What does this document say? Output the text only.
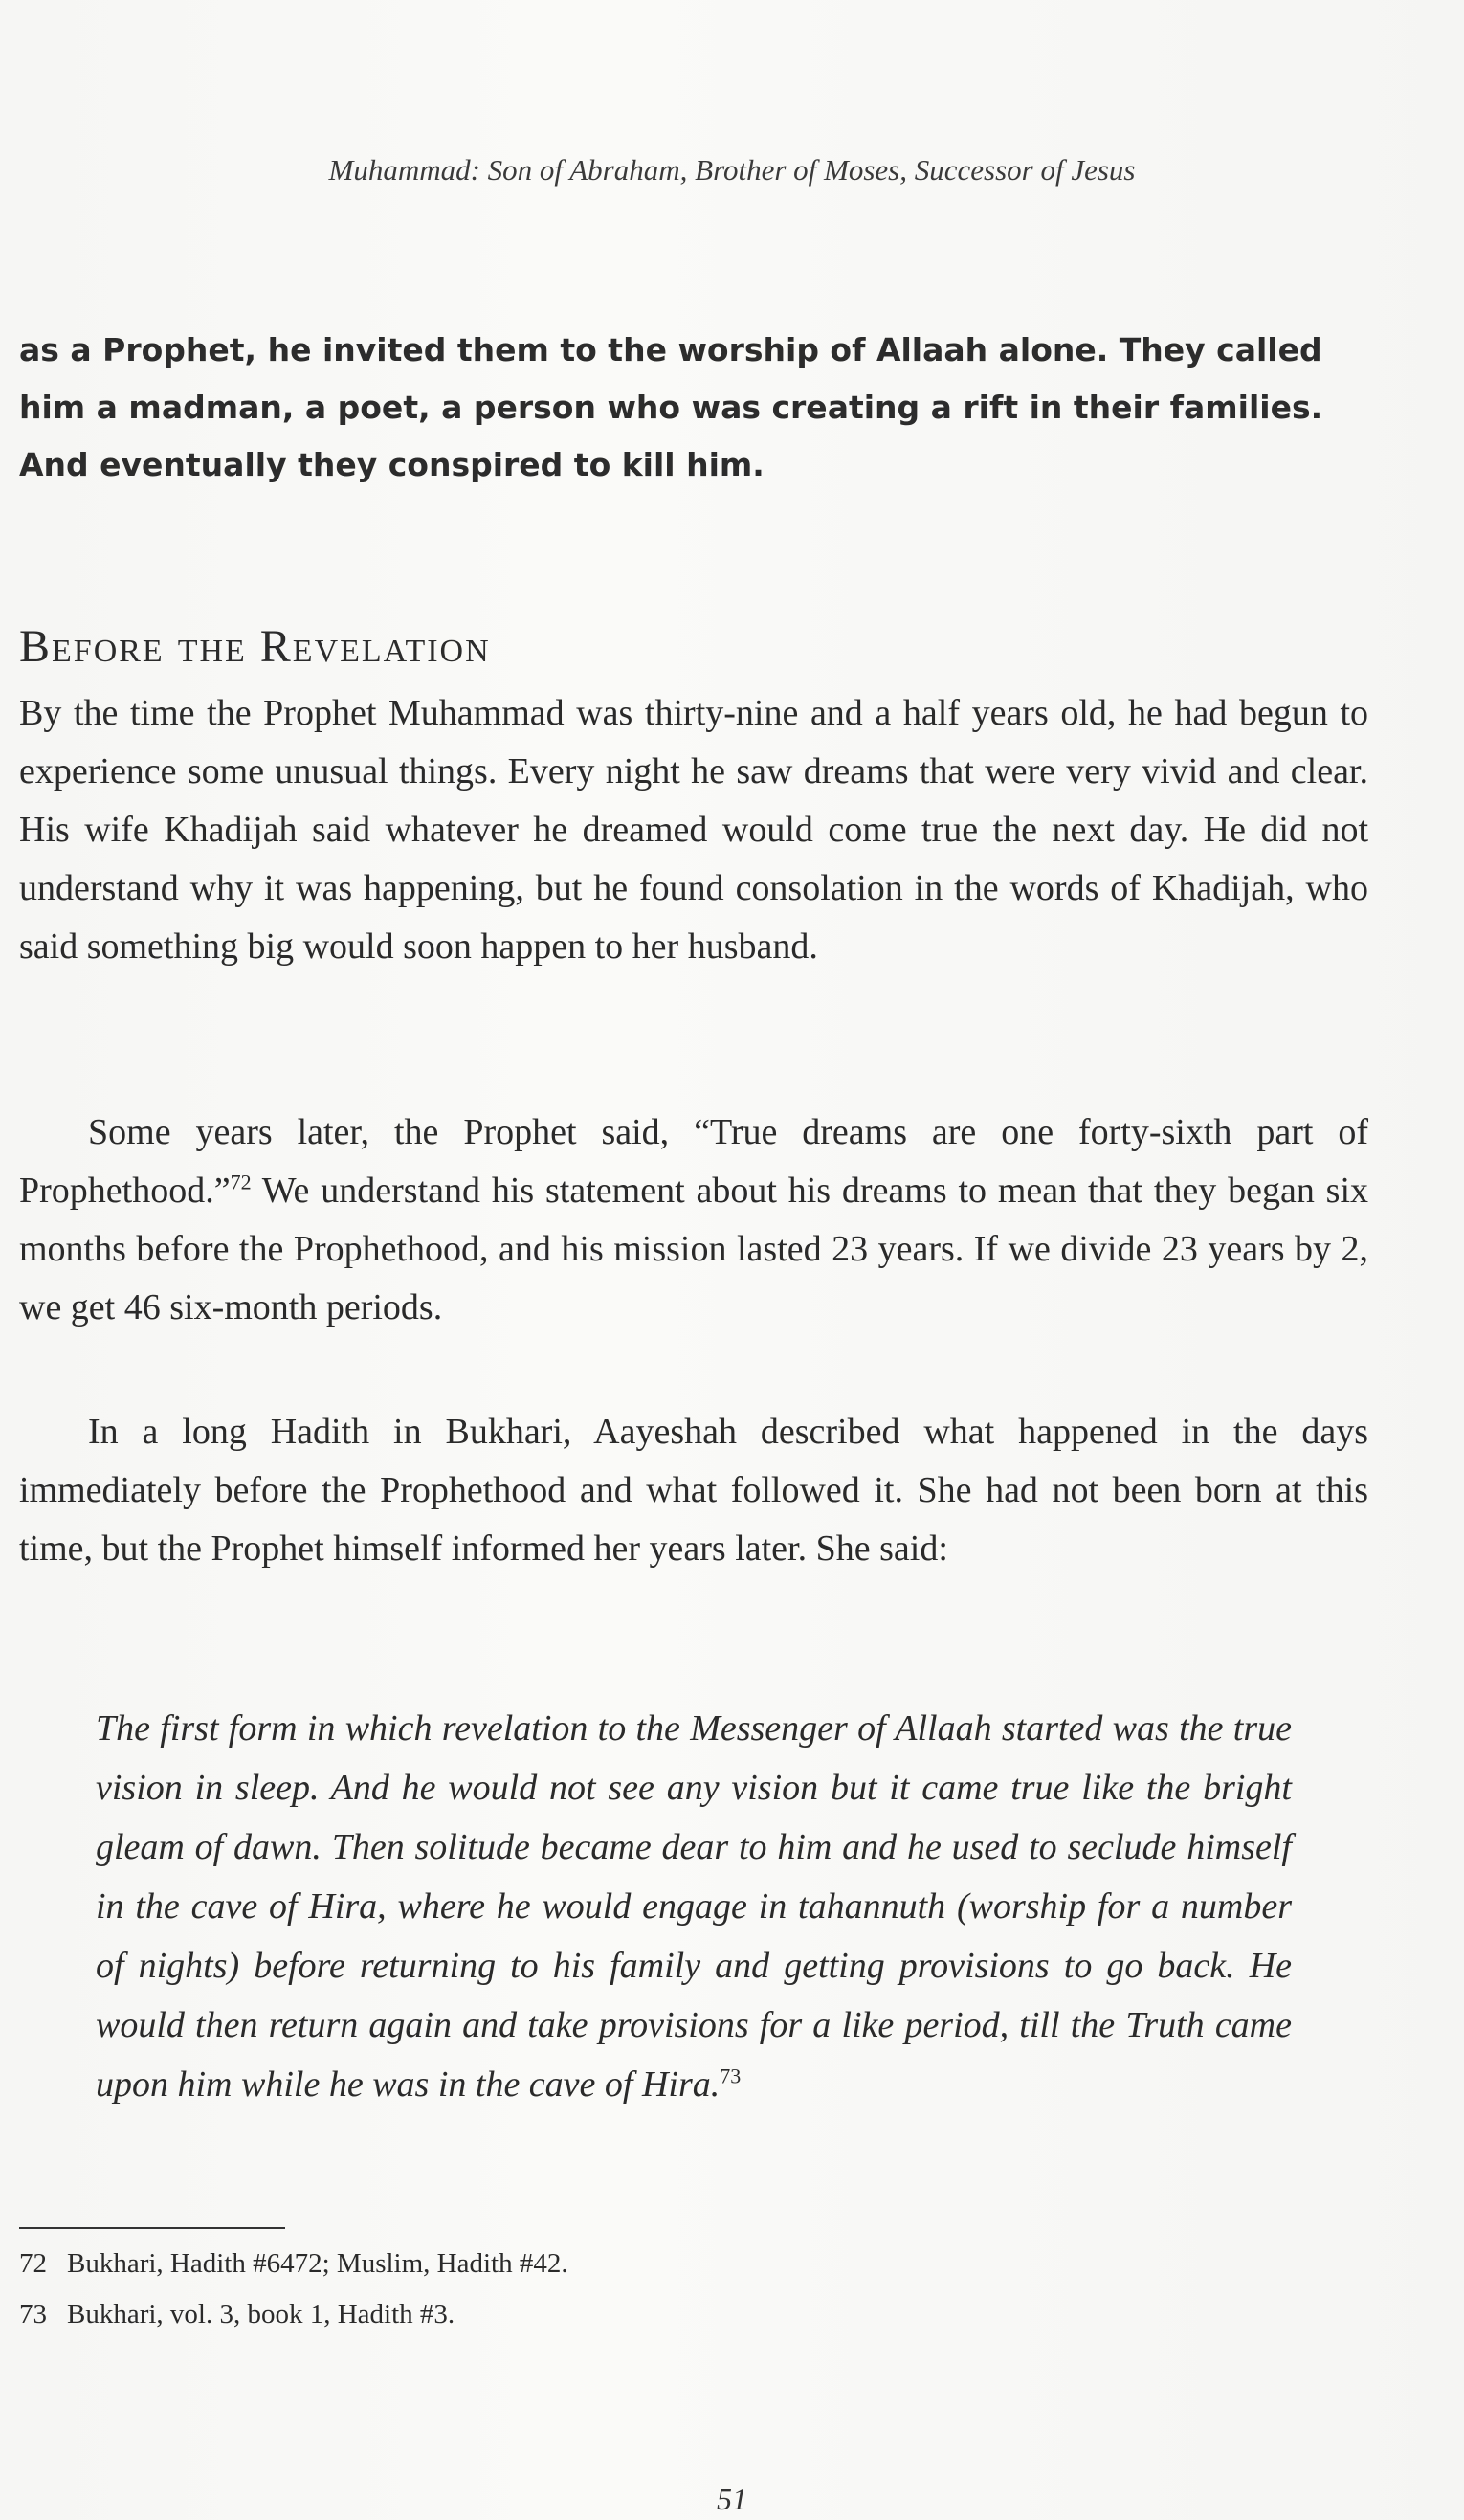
Muhammad: Son of Abraham, Brother of Moses, Successor of Jesus
as a Prophet, he invited them to the worship of Allaah alone. They called him a madman, a poet, a person who was creating a rift in their families. And eventually they conspired to kill him.
Before the Revelation
By the time the Prophet Muhammad was thirty-nine and a half years old, he had begun to experience some unusual things. Every night he saw dreams that were very vivid and clear. His wife Khadijah said whatever he dreamed would come true the next day. He did not understand why it was happening, but he found consolation in the words of Khadijah, who said something big would soon happen to her husband.
Some years later, the Prophet said, “True dreams are one forty-sixth part of Prophethood.”$^{72}$ We understand his statement about his dreams to mean that they began six months before the Prophethood, and his mission lasted 23 years. If we divide 23 years by 2, we get 46 six-month periods.
In a long Hadith in Bukhari, Aayeshah described what happened in the days immediately before the Prophethood and what followed it. She had not been born at this time, but the Prophet himself informed her years later. She said:
The first form in which revelation to the Messenger of Allaah started was the true vision in sleep. And he would not see any vision but it came true like the bright gleam of dawn. Then solitude became dear to him and he used to seclude himself in the cave of Hira, where he would engage in tahannuth (worship for a number of nights) before returning to his family and getting provisions to go back. He would then return again and take provisions for a like period, till the Truth came upon him while he was in the cave of Hira.$^{73}$
72 Bukhari, Hadith #6472; Muslim, Hadith #42.
73 Bukhari, vol. 3, book 1, Hadith #3.
51
